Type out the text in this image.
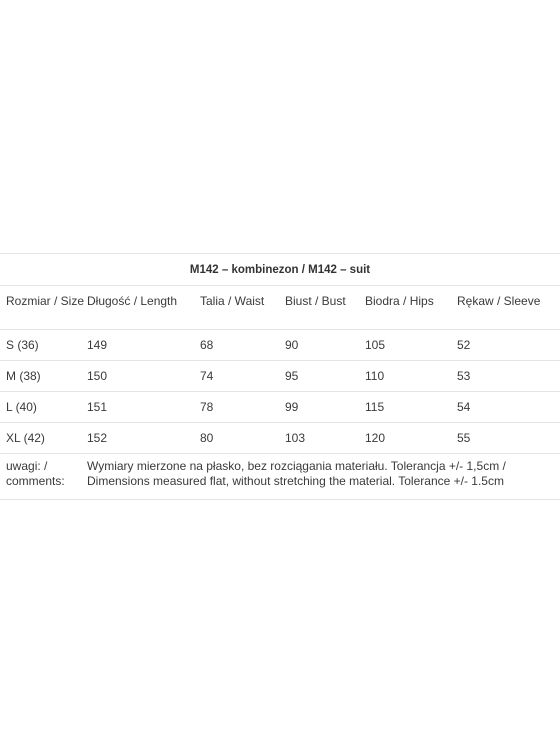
M142 – kombinezon / M142 – suit					
Rozmiar / Size	Długość / Length	Talia / Waist	Biust / Bust	Biodra / Hips	Rękaw / Sleeve
S (36)	149	68	90	105	52
M (38)	150	74	95	110	53
L (40)	151	78	99	115	54
XL (42)	152	80	103	120	55
uwagi: / comments:	Wymiary mierzone na płasko, bez rozciągania materiału. Tolerancja +/- 1,5cm / Dimensions measured flat, without stretching the material. Tolerance +/- 1.5cm				
